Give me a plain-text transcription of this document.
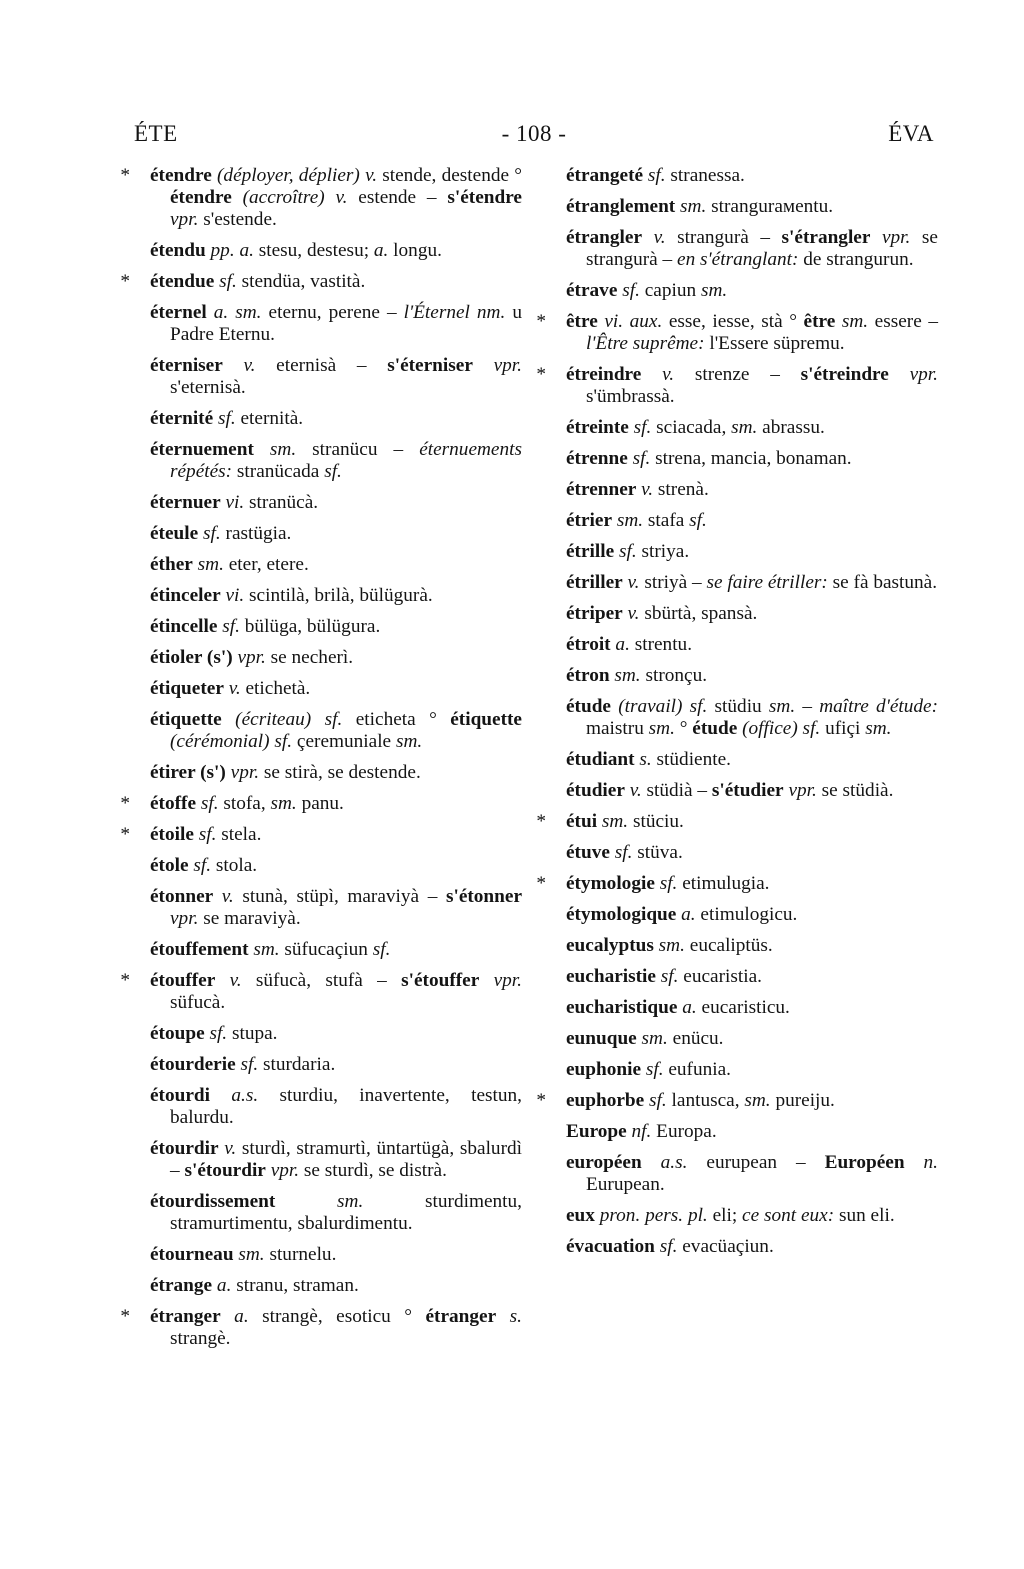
ÉTE	- 108 -	ÉVA
* étendre (déployer, déplier) v. stende, destende ° étendre (accroître) v. estende – s'étendre vpr. s'estende.
étendu pp. a. stesu, destesu; a. longu.
* étendue sf. stendüa, vastità.
éternel a. sm. eternu, perene – l'Éternel nm. u Padre Eternu.
éterniser v. eternisà – s'éterniser vpr. s'eternisà.
éternité sf. eternità.
éternuement sm. stranücu – éternuements répétés: stranücada sf.
éternuer vi. stranücà.
éteule sf. rastügia.
éther sm. eter, etere.
étinceler vi. scintilà, brilà, bülügurà.
étincelle sf. bülüga, bülügura.
étioler (s') vpr. se necherì.
étiqueter v. etichetà.
étiquette (écriteau) sf. eticheta ° étiquette (cérémonial) sf. çeremuniale sm.
étirer (s') vpr. se stirà, se destende.
* étoffe sf. stofa, sm. panu.
* étoile sf. stela.
étole sf. stola.
étonner v. stunà, stüpì, maraviyà – s'étonner vpr. se maraviyà.
étouffement sm. süfucaçiun sf.
* étouffer v. süfucà, stufà – s'étouffer vpr. süfucà.
étoupe sf. stupa.
étourderie sf. sturdaria.
étourdi a.s. sturdiu, inavertente, testun, balurdu.
étourdir v. sturdì, stramurtì, üntartügà, sbalurdì – s'étourdir vpr. se sturdì, se distrà.
étourdissement sm. sturdimentu, stramurtimentu, sbalurdimentu.
étourneau sm. sturnelu.
étrange a. stranu, straman.
* étranger a. strangè, esoticu ° étranger s. strangè.
étrangeté sf. stranessa.
étranglement sm. strangurамentu.
étrangler v. strangurà – s'étrangler vpr. se strangurà – en s'étranglant: de strangurun.
étrave sf. capiun sm.
* être vi. aux. esse, iesse, stà ° être sm. essere – l'Être suprême: l'Essere süpremu.
* étreindre v. strenze – s'étreindre vpr. s'ümbrassà.
étreinte sf. sciacada, sm. abrassu.
étrenne sf. strena, mancia, bonaman.
étrenner v. strenà.
étrier sm. stafa sf.
étrille sf. striya.
étriller v. striyà – se faire étriller: se fà bastunà.
étriper v. sbürtà, spansà.
étroit a. strentu.
étron sm. stronçu.
étude (travail) sf. stüdiu sm. – maître d'étude: maistru sm. ° étude (office) sf. ufiçi sm.
étudiant s. stüdiente.
étudier v. stüdià – s'étudier vpr. se stüdià.
* étui sm. stüciu.
étuve sf. stüva.
* étymologie sf. etimulugia.
étymologique a. etimulogicu.
eucalyptus sm. eucaliptüs.
eucharistie sf. eucaristia.
eucharistique a. eucaristicu.
eunuque sm. enücu.
euphonie sf. eufunia.
* euphorbe sf. lantusca, sm. pureiju.
Europe nf. Europa.
européen a.s. eurupean – Européen n. Eurupean.
eux pron. pers. pl. eli; ce sont eux: sun eli.
évacuation sf. evacüaçiun.
